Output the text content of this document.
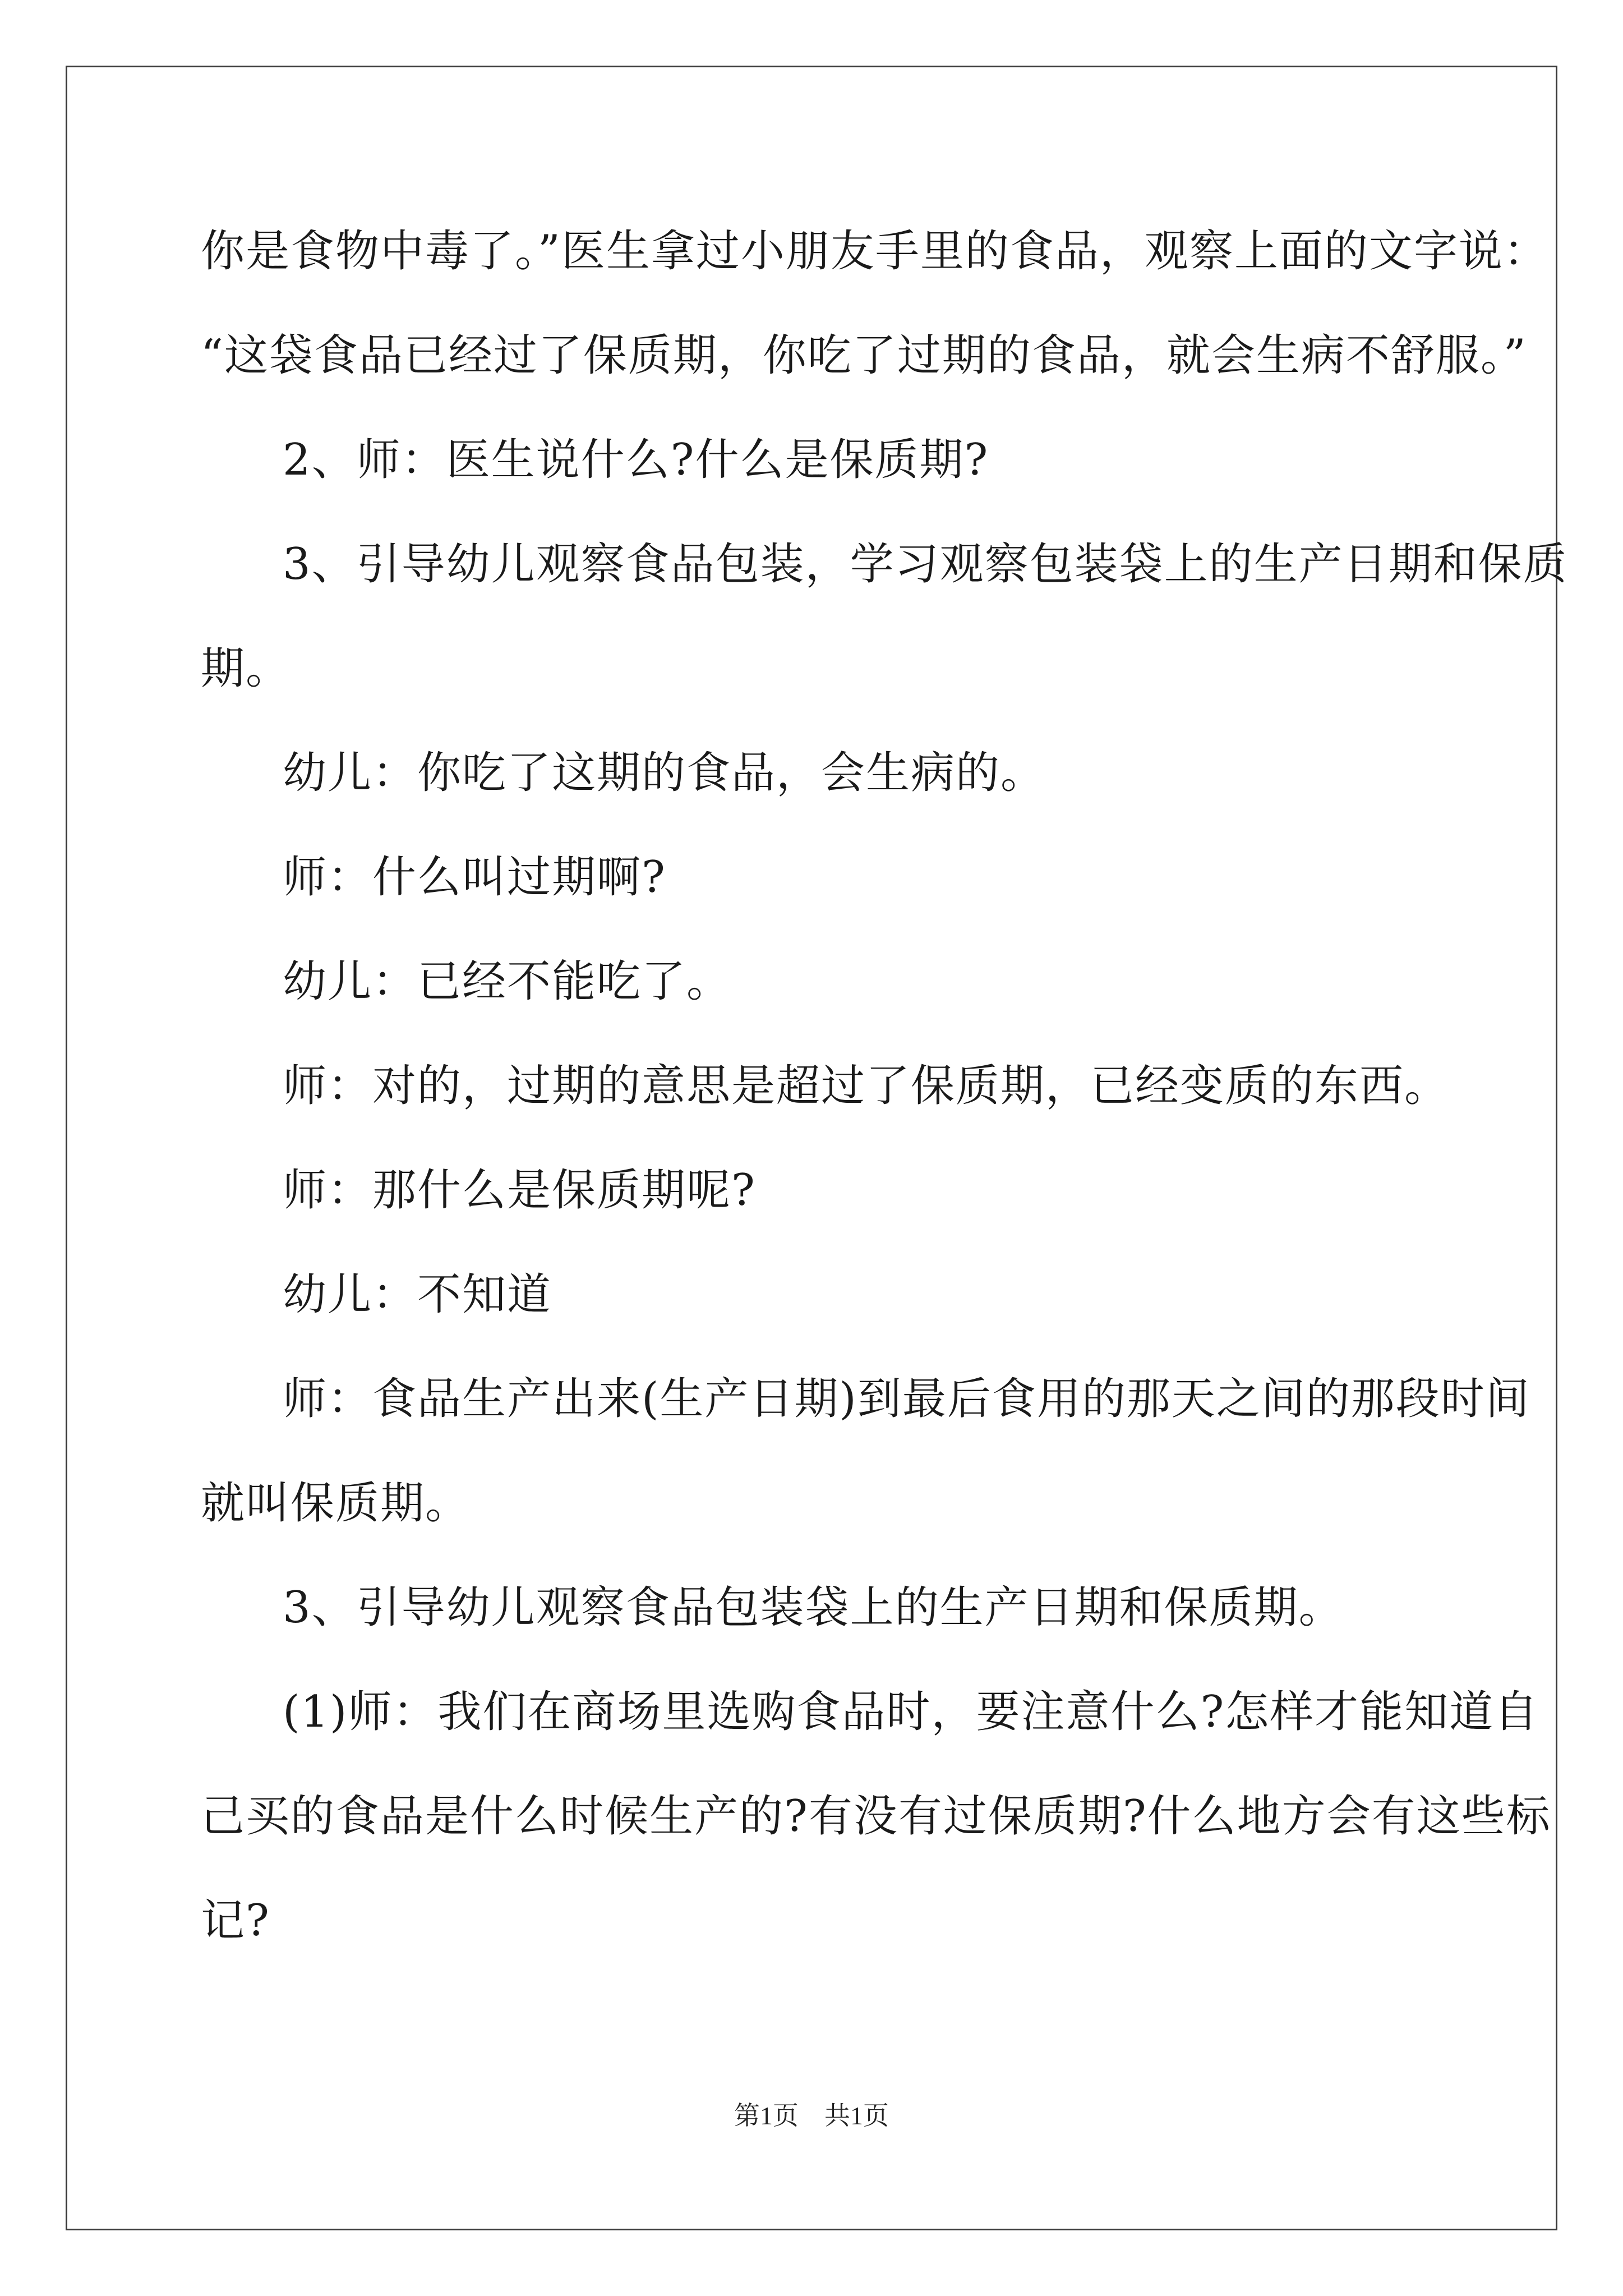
你是食物中毒了。”医生拿过小朋友手里的食品，观察上面的文字说：
“这袋食品已经过了保质期，你吃了过期的食品，就会生病不舒服。”
2、师：医生说什么?什么是保质期?
3、引导幼儿观察食品包装，学习观察包装袋上的生产日期和保质
期。
幼儿：你吃了这期的食品，会生病的。
师：什么叫过期啊?
幼儿：已经不能吃了。
师：对的，过期的意思是超过了保质期，已经变质的东西。
师：那什么是保质期呢?
幼儿：不知道
师：食品生产出来(生产日期)到最后食用的那天之间的那段时间
就叫保质期。
3、引导幼儿观察食品包装袋上的生产日期和保质期。
(1)师：我们在商场里选购食品时，要注意什么?怎样才能知道自
己买的食品是什么时候生产的?有没有过保质期?什么地方会有这些标
记?
第1页　共1页
